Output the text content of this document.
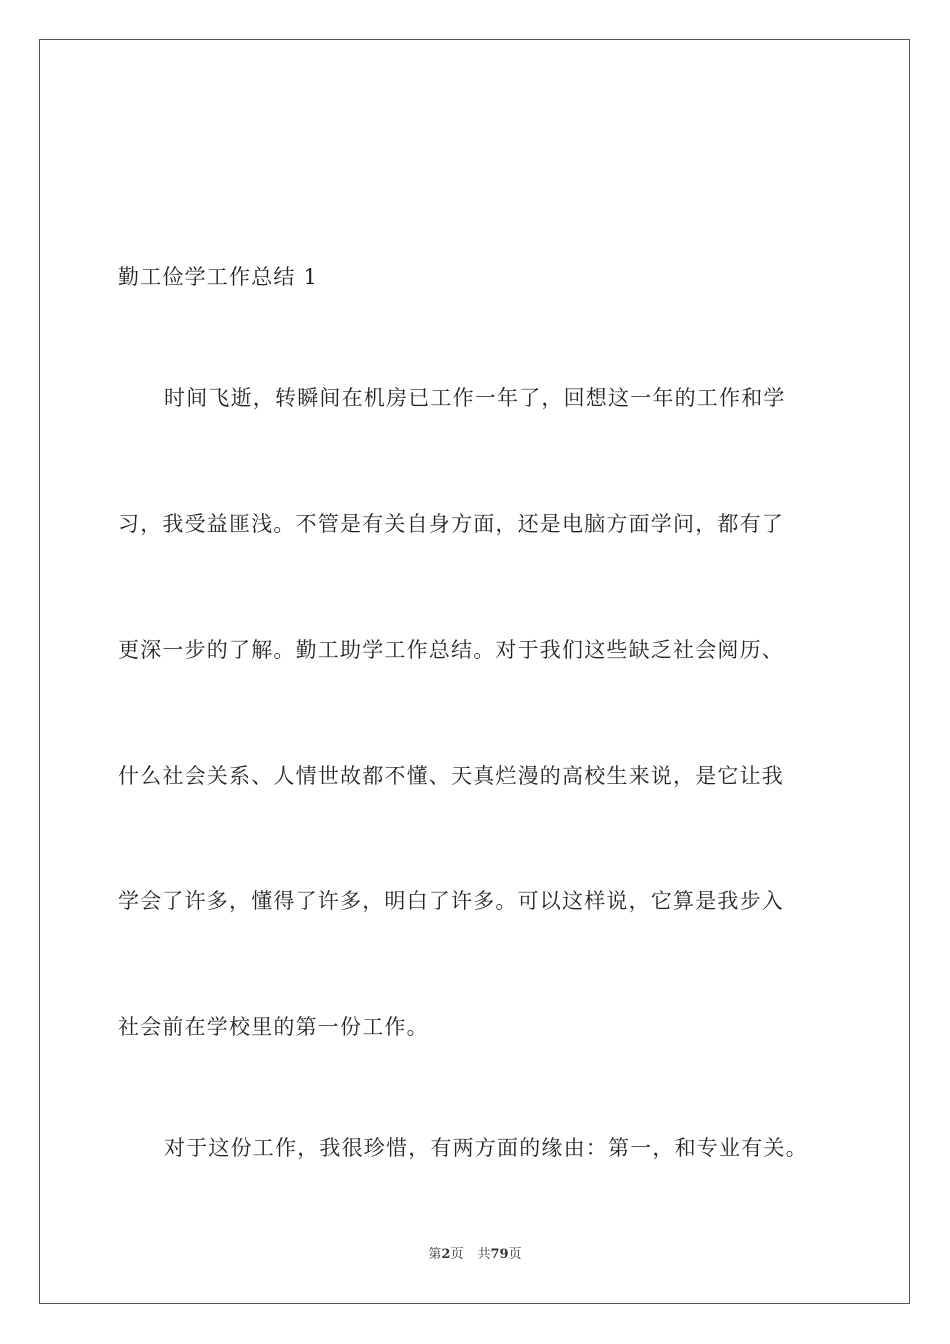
勤工俭学工作总结 1
时间飞逝，转瞬间在机房已工作一年了，回想这一年的工作和学
习，我受益匪浅。不管是有关自身方面，还是电脑方面学问，都有了
更深一步的了解。勤工助学工作总结。对于我们这些缺乏社会阅历、
什么社会关系、人情世故都不懂、天真烂漫的高校生来说，是它让我
学会了许多，懂得了许多，明白了许多。可以这样说，它算是我步入
社会前在学校里的第一份工作。
对于这份工作，我很珍惜，有两方面的缘由：第一，和专业有关。
第2页 共79页
